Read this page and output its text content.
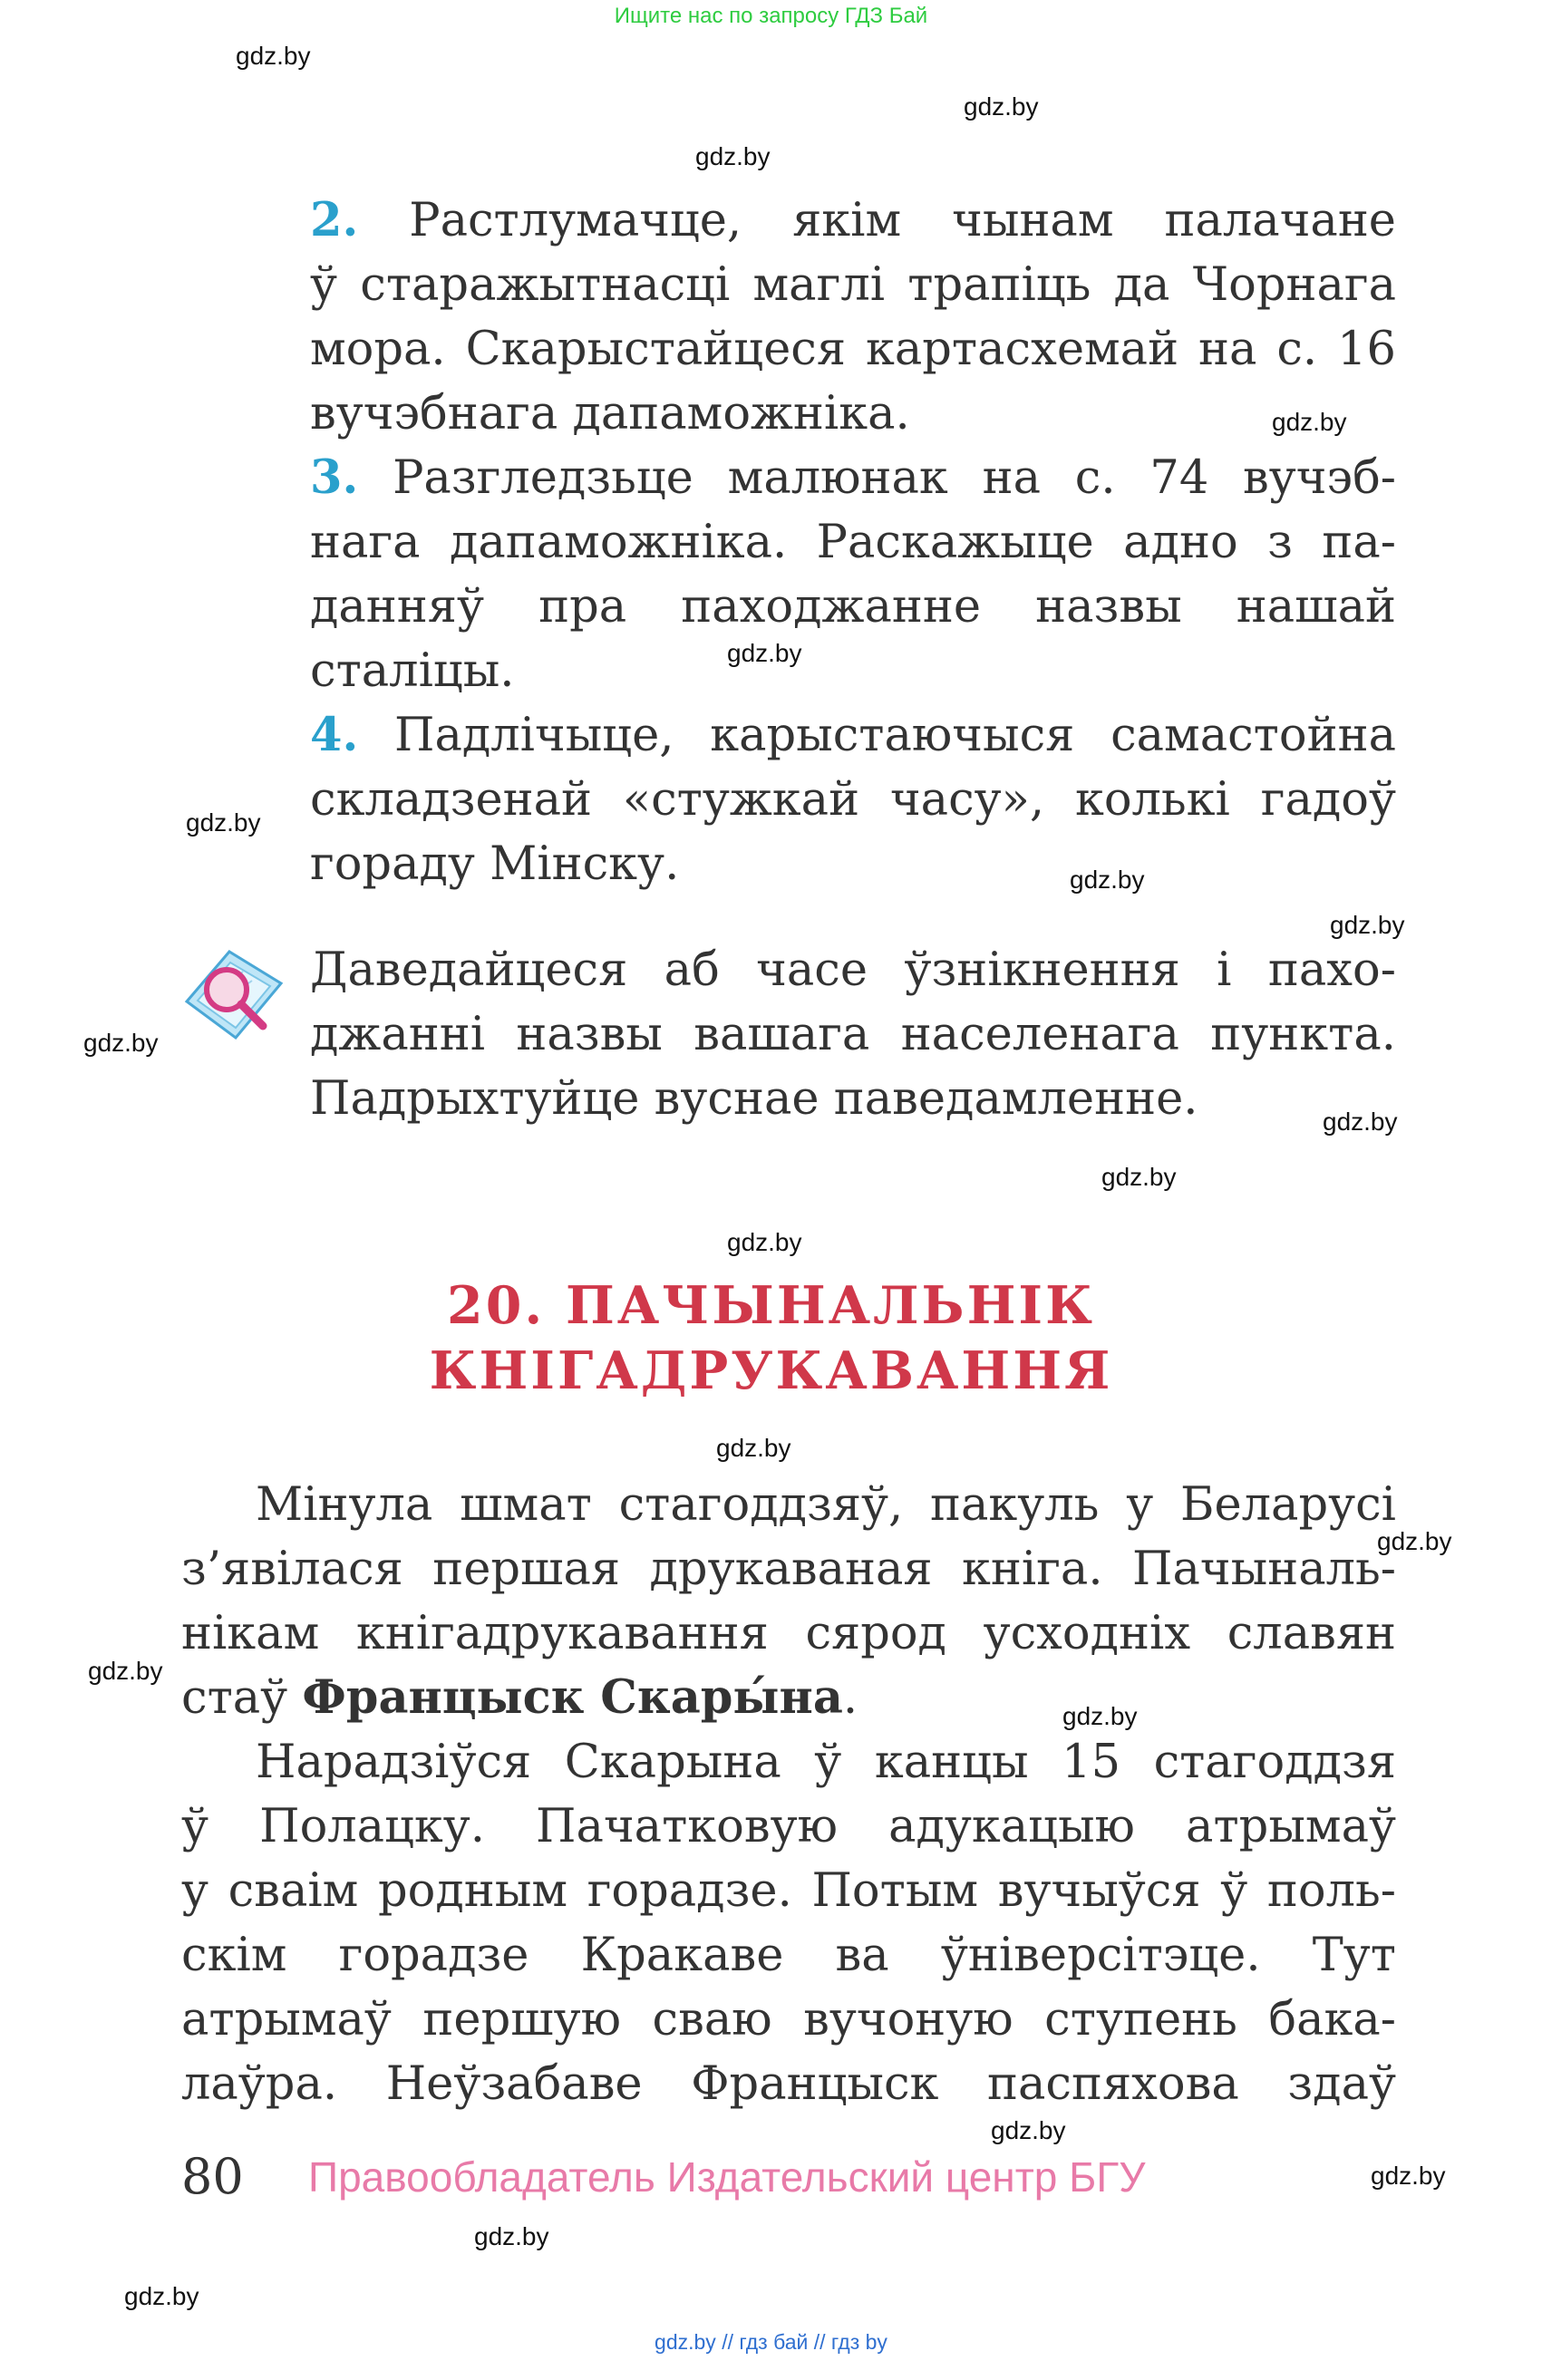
Ищите нас по запросу ГДЗ Бай
gdz.by
gdz.by
gdz.by
gdz.by
gdz.by
gdz.by
gdz.by
gdz.by
gdz.by
gdz.by
gdz.by
gdz.by
gdz.by
gdz.by
gdz.by
gdz.by
gdz.by
gdz.by
gdz.by
gdz.by
2. Растлумачце, якім чынам палачане
ў старажытнасці маглі трапіць да Чорнага
мора. Скарыстайцеся картасхемай на с. 16
вучэбнага дапаможніка.
3. Разгледзьце малюнак на с. 74 вучэб-
нага дапаможніка. Раскажыце адно з па-
данняў пра паходжанне назвы нашай
сталіцы.
4. Падлічыце, карыстаючыся самастойна
складзенай «стужкай часу», колькі гадоў
гораду Мінску.
Даведайцеся аб часе ўзнікнення і пахо-
джанні назвы вашага населенага пункта.
Падрыхтуйце вуснае паведамленне.
20. ПАЧЫНАЛЬНІК
КНІГАДРУКАВАННЯ
Мінула шмат стагоддзяў, пакуль у Беларусі
з’явілася першая друкаваная кніга. Пачыналь-
нікам кнігадрукавання сярод усходніх славян
стаў Францыск Скары́на.
Нарадзіўся Скарына ў канцы 15 стагоддзя
ў Полацку. Пачатковую адукацыю атрымаў
у сваім родным горадзе. Потым вучыўся ў поль-
скім горадзе Кракаве ва ўніверсітэце. Тут
атрымаў першую сваю вучоную ступень бака-
лаўра. Неўзабаве Францыск паспяхова здаў
80 Правообладатель Издательский центр БГУ
gdz.by // гдз бай // гдз by
